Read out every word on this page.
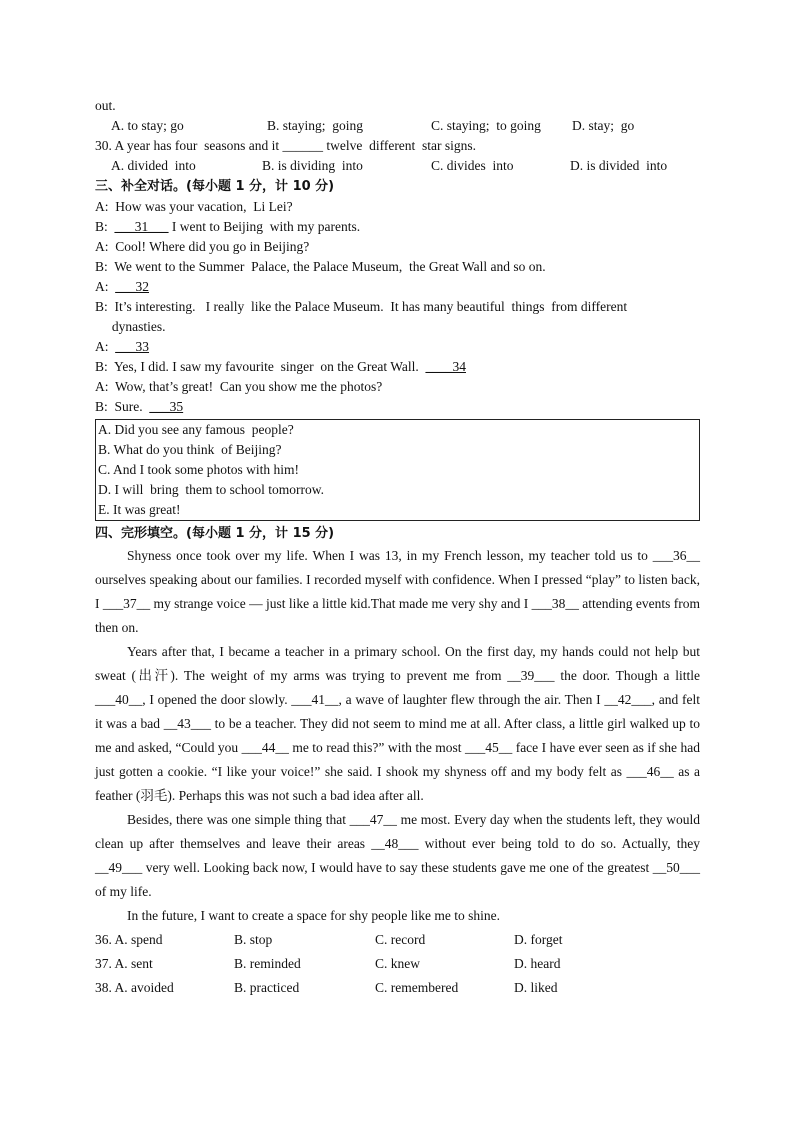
out.
A. to stay; go	B. staying;  going	C. staying;  to going D. stay;  go
30. A year has four  seasons and it ______ twelve  different  star signs.
A. divided  into	B. is dividing  into	C. divides  into	D. is divided  into
三、补全对话。(每小题 1 分，计 10 分)
A:  How was your vacation,  Li Lei?
B:  ___31___ I went to Beijing  with my parents.
A:  Cool! Where did you go in Beijing?
B:  We went to the Summer  Palace, the Palace Museum,  the Great Wall and so on.
A:  ___32
B:  It’s interesting.   I really  like the Palace Museum.  It has many beautiful  things  from different
dynasties.
A:  ___33
B:  Yes, I did. I saw my favourite  singer  on the Great Wall.  ____34
A:  Wow, that’s great!  Can you show me the photos?
B:  Sure.  ___35
A. Did you see any famous  people?
B. What do you think  of Beijing?
C. And I took some photos with him!
D. I will  bring  them to school tomorrow.
E. It was great!
四、完形填空。(每小题 1 分，计 15 分)

Shyness once took over my life. When I was 13, in my French lesson, my teacher told us to ___36__ ourselves speaking about our families. I recorded myself with confidence. When I pressed “play” to listen back, I ___37__ my strange voice — just like a little kid.That made me very shy and I ___38__ attending events from then on.

Years after that, I became a teacher in a primary school. On the first day, my hands could not help but sweat (出汗). The weight of my arms was trying to prevent me from __39___ the door. Though a little ___40__, I opened the door slowly. ___41__, a wave of laughter flew through the air. Then I __42___, and felt it was a bad __43___ to be a teacher. They did not seem to mind me at all. After class, a little girl walked up to me and asked, “Could you ___44__ me to read this?” with the most ___45__ face I have ever seen as if she had just gotten a cookie. “I like your voice!” she said. I shook my shyness off and my body felt as ___46__ as a feather (羽毛). Perhaps this was not such a bad idea after all.

Besides, there was one simple thing that ___47__ me most. Every day when the students left, they would clean up after themselves and leave their areas __48___ without ever being told to do so. Actually, they __49___ very well. Looking back now, I would have to say these students gave me one of the greatest __50___ of my life.

In the future, I want to create a space for shy people like me to shine.

36. A. spend	B. stop	C. record	D. forget
37. A. sent	B. reminded	C. knew	D. heard
38. A. avoided	B. practiced	C. remembered	D. liked
